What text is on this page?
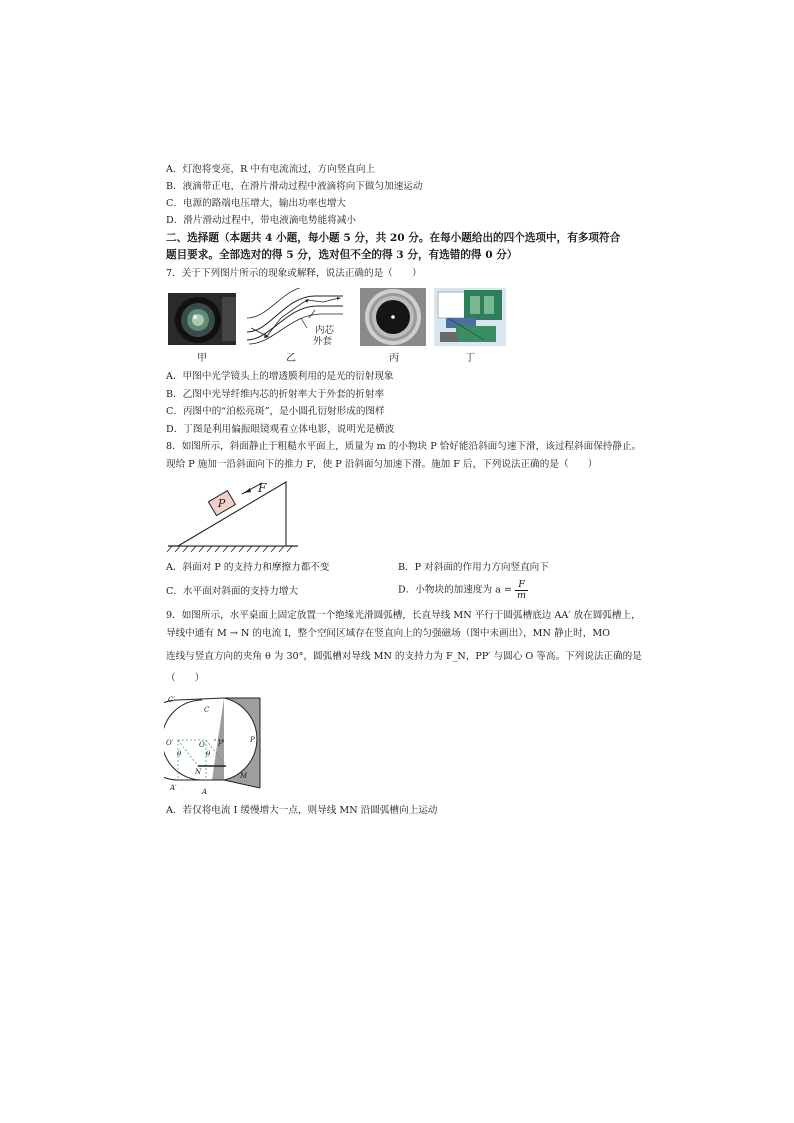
A．灯泡将变亮，R 中有电流流过，方向竖直向上
B．液滴带正电，在滑片滑动过程中液滴将向下做匀加速运动
C．电源的路端电压增大，输出功率也增大
D．滑片滑动过程中，带电液滴电势能将减小
二、选择题（本题共 4 小题，每小题 5 分，共 20 分。在每小题给出的四个选项中，有多项符合
题目要求。全部选对的得 5 分，选对但不全的得 3 分，有选错的得 0 分）
7．关于下列图片所示的现象或解释，说法正确的是（　　）
甲
内芯
外套
乙	丙	丁
A．甲图中光学镜头上的增透膜利用的是光的衍射现象
B．乙图中光导纤维内芯的折射率大于外套的折射率
C．丙图中的“泊松亮斑”，是小圆孔衍射形成的图样
D．丁图是利用偏振眼镜观看立体电影，说明光是横波
8．如图所示，斜面静止于粗糙水平面上，质量为 m 的小物块 P 恰好能沿斜面匀速下滑，该过程斜面保持静止。
现给 P 施加一沿斜面向下的推力 F，使 P 沿斜面匀加速下滑。施加 F 后，下列说法正确的是（　　）
P
F
A．斜面对 P 的支持力和摩擦力都不变	B．P 对斜面的作用力方向竖直向下
C．水平面对斜面的支持力增大	D．小物块的加速度为 $a = \frac{F}{m}$
9．如图所示，水平桌面上固定放置一个绝缘光滑圆弧槽，长直导线 MN 平行于圆弧槽底边 AA′ 放在圆弧槽上，
导线中通有 M → N 的电流 I，整个空间区域存在竖直向上的匀强磁场（图中未画出），MN 静止时，MO
连线与竖直方向的夹角 θ 为 30°，圆弧槽对导线 MN 的支持力为 F_N，PP′ 与圆心 O 等高。下列说法正确的是
（　　）
C′
C
O′	O P′	P
θ	θ
N	M
A′	A
A．若仅将电流 I 缓慢增大一点，则导线 MN 沿圆弧槽向上运动
